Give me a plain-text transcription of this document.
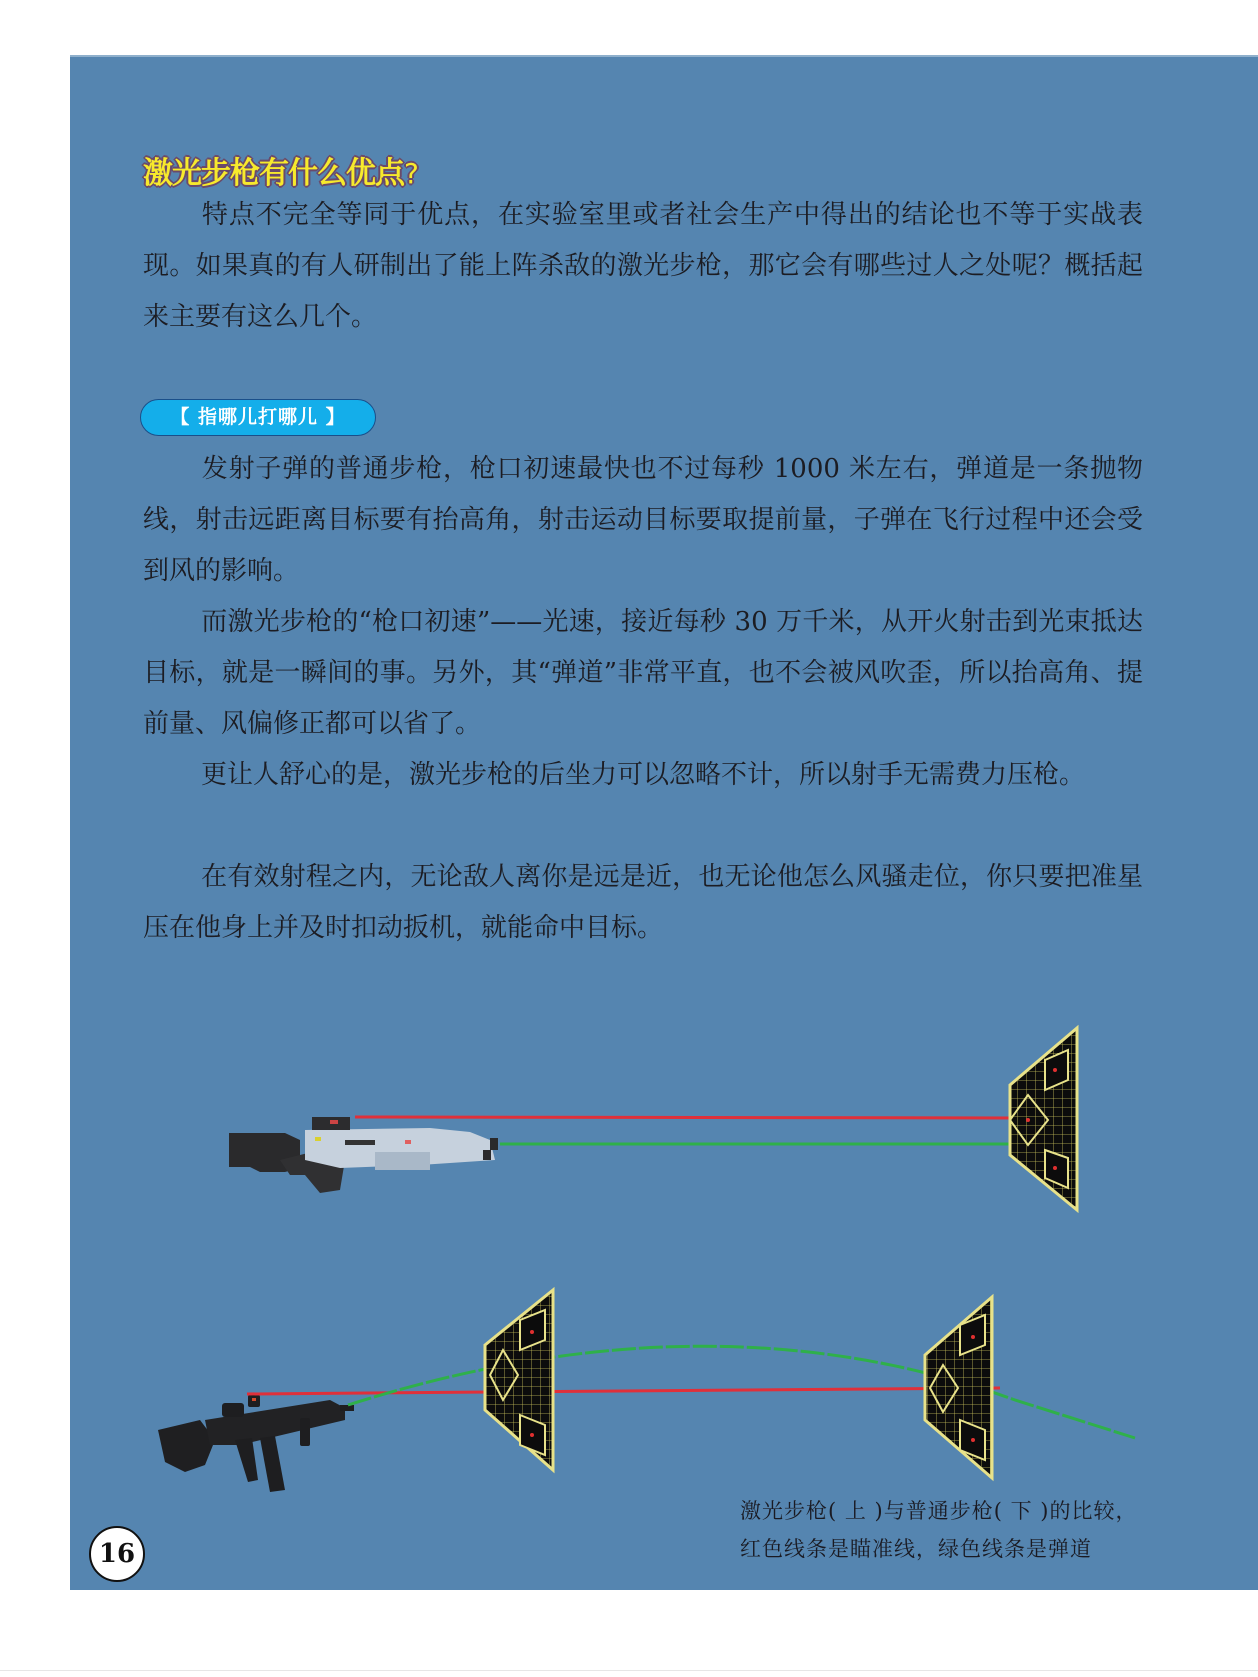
激光步枪有什么优点?

特点不完全等同于优点，在实验室里或者社会生产中得出的结论也不等于实战表现。如果真的有人研制出了能上阵杀敌的激光步枪，那它会有哪些过人之处呢？概括起来主要有这么几个。

【 指哪儿打哪儿 】

发射子弹的普通步枪，枪口初速最快也不过每秒 1000 米左右，弹道是一条抛物线，射击远距离目标要有抬高角，射击运动目标要取提前量，子弹在飞行过程中还会受到风的影响。

而激光步枪的“枪口初速”——光速，接近每秒 30 万千米，从开火射击到光束抵达目标，就是一瞬间的事。另外，其“弹道”非常平直，也不会被风吹歪，所以抬高角、提前量、风偏修正都可以省了。

更让人舒心的是，激光步枪的后坐力可以忽略不计，所以射手无需费力压枪。

在有效射程之内，无论敌人离你是远是近，也无论他怎么风骚走位，你只要把准星压在他身上并及时扣动扳机，就能命中目标。

激光步枪( 上 )与普通步枪( 下 )的比较，
红色线条是瞄准线，绿色线条是弹道
16
